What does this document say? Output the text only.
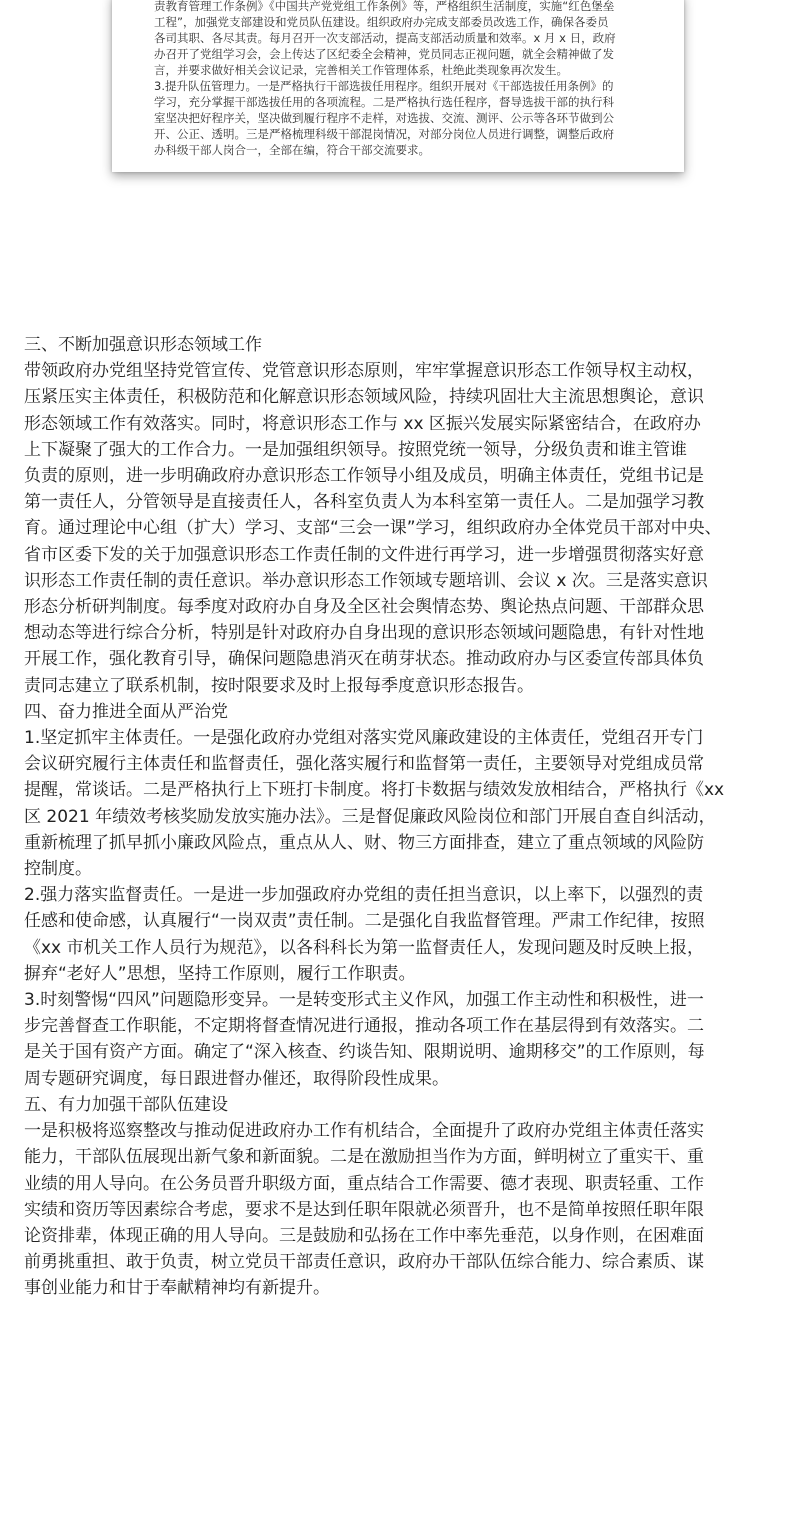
责教育管理工作条例》《中国共产党党组工作条例》等，严格组织生活制度，实施“红色堡垒

工程”，加强党支部建设和党员队伍建设。组织政府办完成支部委员改选工作，确保各委员

各司其职、各尽其责。每月召开一次支部活动，提高支部活动质量和效率。x 月 x 日，政府

办召开了党组学习会，会上传达了区纪委全会精神，党员同志正视问题，就全会精神做了发

言，并要求做好相关会议记录，完善相关工作管理体系，杜绝此类现象再次发生。

3.提升队伍管理力。一是严格执行干部选拔任用程序。组织开展对《干部选拔任用条例》的

学习，充分掌握干部选拔任用的各项流程。二是严格执行选任程序，督导选拔干部的执行科

室坚决把好程序关，坚决做到履行程序不走样，对选拔、交流、测评、公示等各环节做到公

开、公正、透明。三是严格梳理科级干部混岗情况，对部分岗位人员进行调整，调整后政府

办科级干部人岗合一，全部在编，符合干部交流要求。

三、不断加强意识形态领域工作

带领政府办党组坚持党管宣传、党管意识形态原则，牢牢掌握意识形态工作领导权主动权，

压紧压实主体责任，积极防范和化解意识形态领域风险，持续巩固壮大主流思想舆论，意识

形态领域工作有效落实。同时，将意识形态工作与 xx 区振兴发展实际紧密结合，在政府办

上下凝聚了强大的工作合力。一是加强组织领导。按照党统一领导，分级负责和谁主管谁

负责的原则，进一步明确政府办意识形态工作领导小组及成员，明确主体责任，党组书记是

第一责任人，分管领导是直接责任人，各科室负责人为本科室第一责任人。二是加强学习教

育。通过理论中心组（扩大）学习、支部“三会一课”学习，组织政府办全体党员干部对中央、

省市区委下发的关于加强意识形态工作责任制的文件进行再学习，进一步增强贯彻落实好意

识形态工作责任制的责任意识。举办意识形态工作领域专题培训、会议 x 次。三是落实意识

形态分析研判制度。每季度对政府办自身及全区社会舆情态势、舆论热点问题、干部群众思

想动态等进行综合分析，特别是针对政府办自身出现的意识形态领域问题隐患，有针对性地

开展工作，强化教育引导，确保问题隐患消灭在萌芽状态。推动政府办与区委宣传部具体负

责同志建立了联系机制，按时限要求及时上报每季度意识形态报告。

四、奋力推进全面从严治党

1.坚定抓牢主体责任。一是强化政府办党组对落实党风廉政建设的主体责任，党组召开专门

会议研究履行主体责任和监督责任，强化落实履行和监督第一责任，主要领导对党组成员常

提醒，常谈话。二是严格执行上下班打卡制度。将打卡数据与绩效发放相结合，严格执行《xx

区 2021 年绩效考核奖励发放实施办法》。三是督促廉政风险岗位和部门开展自查自纠活动，

重新梳理了抓早抓小廉政风险点，重点从人、财、物三方面排查，建立了重点领域的风险防

控制度。

2.强力落实监督责任。一是进一步加强政府办党组的责任担当意识，以上率下，以强烈的责

任感和使命感，认真履行“一岗双责”责任制。二是强化自我监督管理。严肃工作纪律，按照

《xx 市机关工作人员行为规范》，以各科科长为第一监督责任人，发现问题及时反映上报，

摒弃“老好人”思想，坚持工作原则，履行工作职责。

3.时刻警惕“四风”问题隐形变异。一是转变形式主义作风，加强工作主动性和积极性，进一

步完善督查工作职能，不定期将督查情况进行通报，推动各项工作在基层得到有效落实。二

是关于国有资产方面。确定了“深入核查、约谈告知、限期说明、逾期移交”的工作原则，每

周专题研究调度，每日跟进督办催还，取得阶段性成果。

五、有力加强干部队伍建设

一是积极将巡察整改与推动促进政府办工作有机结合，全面提升了政府办党组主体责任落实

能力，干部队伍展现出新气象和新面貌。二是在激励担当作为方面，鲜明树立了重实干、重

业绩的用人导向。在公务员晋升职级方面，重点结合工作需要、德才表现、职责轻重、工作

实绩和资历等因素综合考虑，要求不是达到任职年限就必须晋升，也不是简单按照任职年限

论资排辈，体现正确的用人导向。三是鼓励和弘扬在工作中率先垂范，以身作则，在困难面

前勇挑重担、敢于负责，树立党员干部责任意识，政府办干部队伍综合能力、综合素质、谋

事创业能力和甘于奉献精神均有新提升。
